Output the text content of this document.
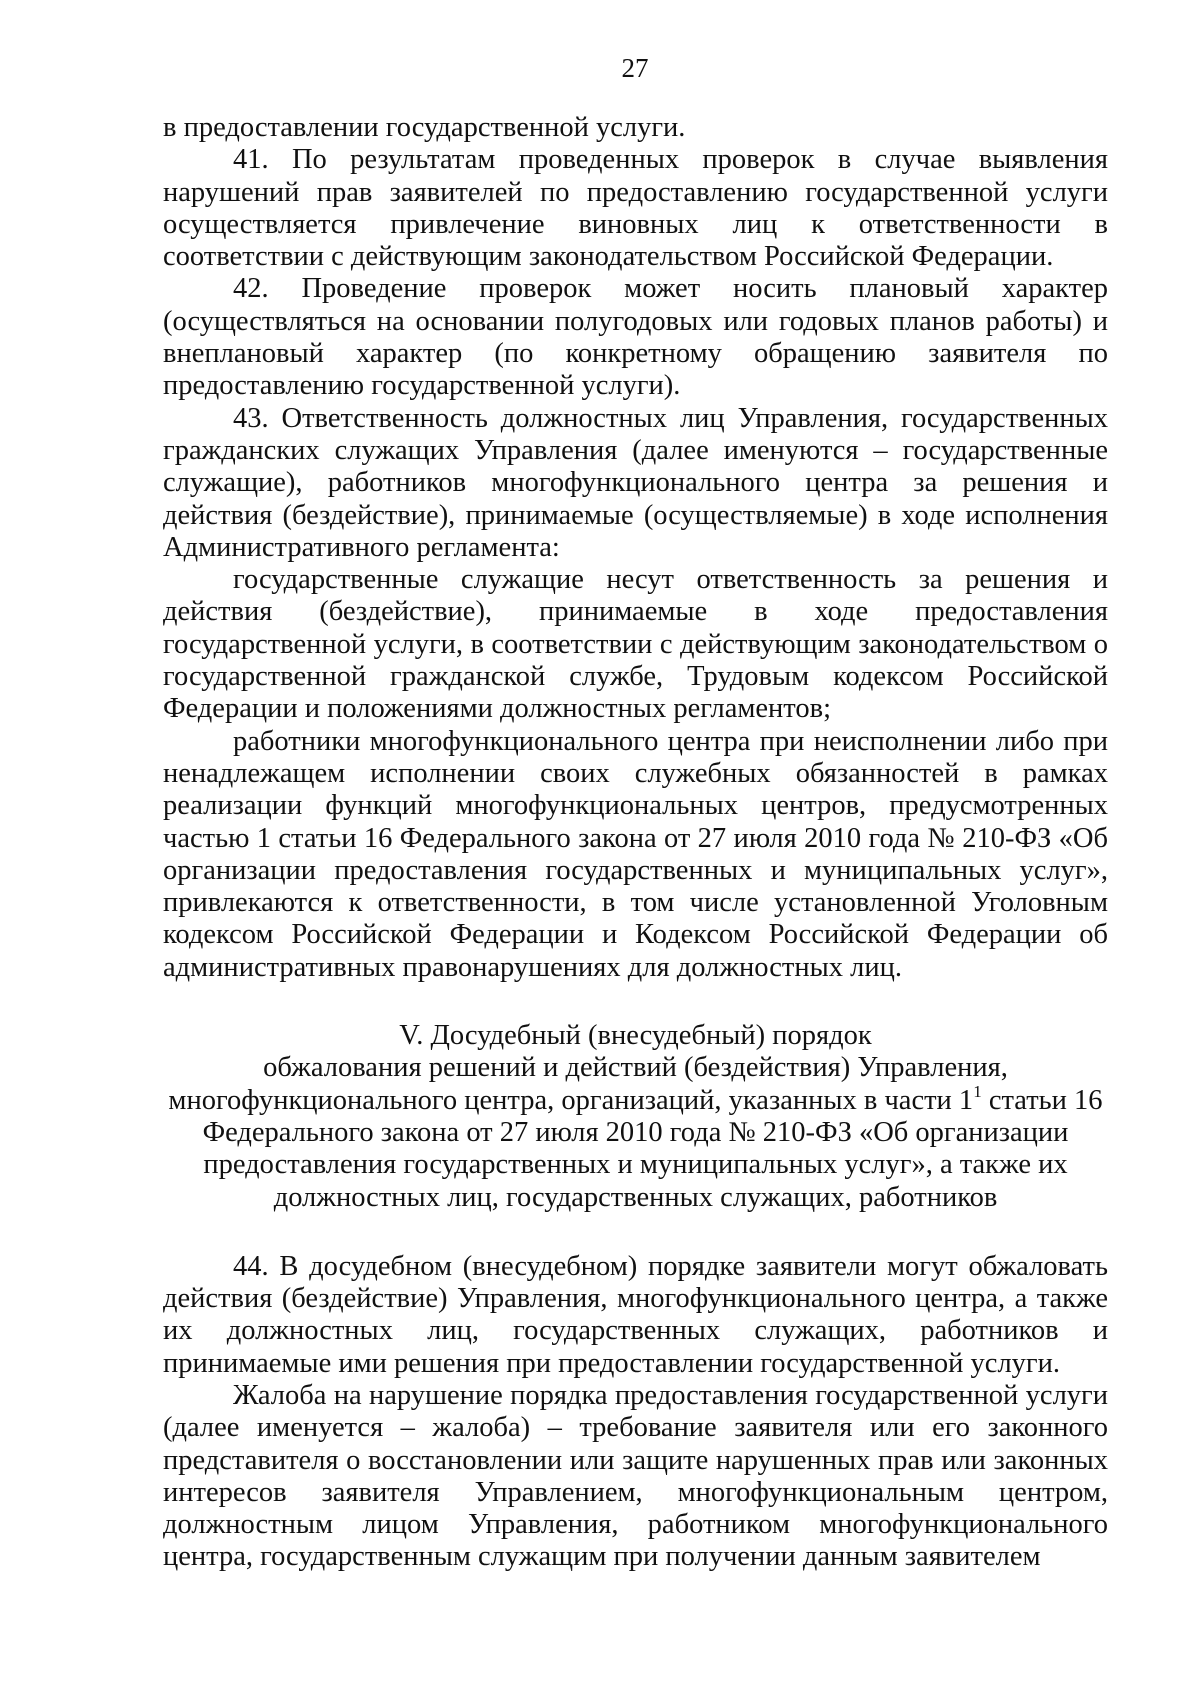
27

в предоставлении государственной услуги.

41. По результатам проведенных проверок в случае выявления нарушений прав заявителей по предоставлению государственной услуги осуществляется привлечение виновных лиц к ответственности в соответствии с действующим законодательством Российской Федерации.

42. Проведение проверок может носить плановый характер (осуществляться на основании полугодовых или годовых планов работы) и внеплановый характер (по конкретному обращению заявителя по предоставлению государственной услуги).

43. Ответственность должностных лиц Управления, государственных гражданских служащих Управления (далее именуются – государственные служащие), работников многофункционального центра за решения и действия (бездействие), принимаемые (осуществляемые) в ходе исполнения Административного регламента:

государственные служащие несут ответственность за решения и действия (бездействие), принимаемые в ходе предоставления государственной услуги, в соответствии с действующим законодательством о государственной гражданской службе, Трудовым кодексом Российской Федерации и положениями должностных регламентов;

работники многофункционального центра при неисполнении либо при ненадлежащем исполнении своих служебных обязанностей в рамках реализации функций многофункциональных центров, предусмотренных частью 1 статьи 16 Федерального закона от 27 июля 2010 года № 210-ФЗ «Об организации предоставления государственных и муниципальных услуг», привлекаются к ответственности, в том числе установленной Уголовным кодексом Российской Федерации и Кодексом Российской Федерации об административных правонарушениях для должностных лиц.

V. Досудебный (внесудебный) порядок
обжалования решений и действий (бездействия) Управления,
многофункционального центра, организаций, указанных в части $1^1$ статьи 16
Федерального закона от 27 июля 2010 года № 210-ФЗ «Об организации
предоставления государственных и муниципальных услуг», а также их
должностных лиц, государственных служащих, работников

44. В досудебном (внесудебном) порядке заявители могут обжаловать действия (бездействие) Управления, многофункционального центра, а также их должностных лиц, государственных служащих, работников и принимаемые ими решения при предоставлении государственной услуги.

Жалоба на нарушение порядка предоставления государственной услуги (далее именуется – жалоба) – требование заявителя или его законного представителя о восстановлении или защите нарушенных прав или законных интересов заявителя Управлением, многофункциональным центром, должностным лицом Управления, работником многофункционального центра, государственным служащим при получении данным заявителем
